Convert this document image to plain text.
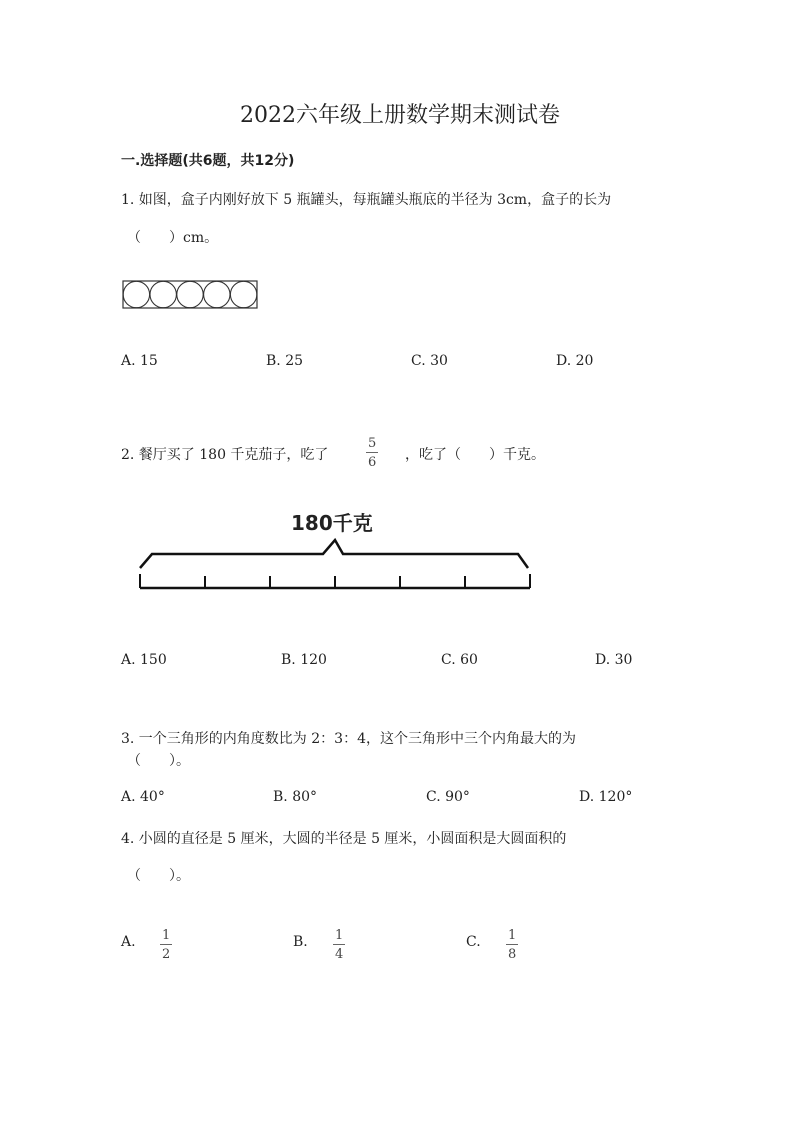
2022六年级上册数学期末测试卷
一.选择题(共6题，共12分)
1. 如图，盒子内刚好放下 5 瓶罐头，每瓶罐头瓶底的半径为 3cm，盒子的长为
（　　）cm。
A. 15	B. 25	C. 30	D. 20
2. 餐厅买了 180 千克茄子，吃了
5
6 ，吃了（　　）千克。
180千克
A. 150	B. 120	C. 60	D. 30
3. 一个三角形的内角度数比为 2：3：4，这个三角形中三个内角最大的为
（　　）。
A. 40°	B. 80°	C. 90°	D. 120°
4. 小圆的直径是 5 厘米，大圆的半径是 5 厘米，小圆面积是大圆面积的
（　　）。
A. 1
2
B. 1
4
C. 1
8
